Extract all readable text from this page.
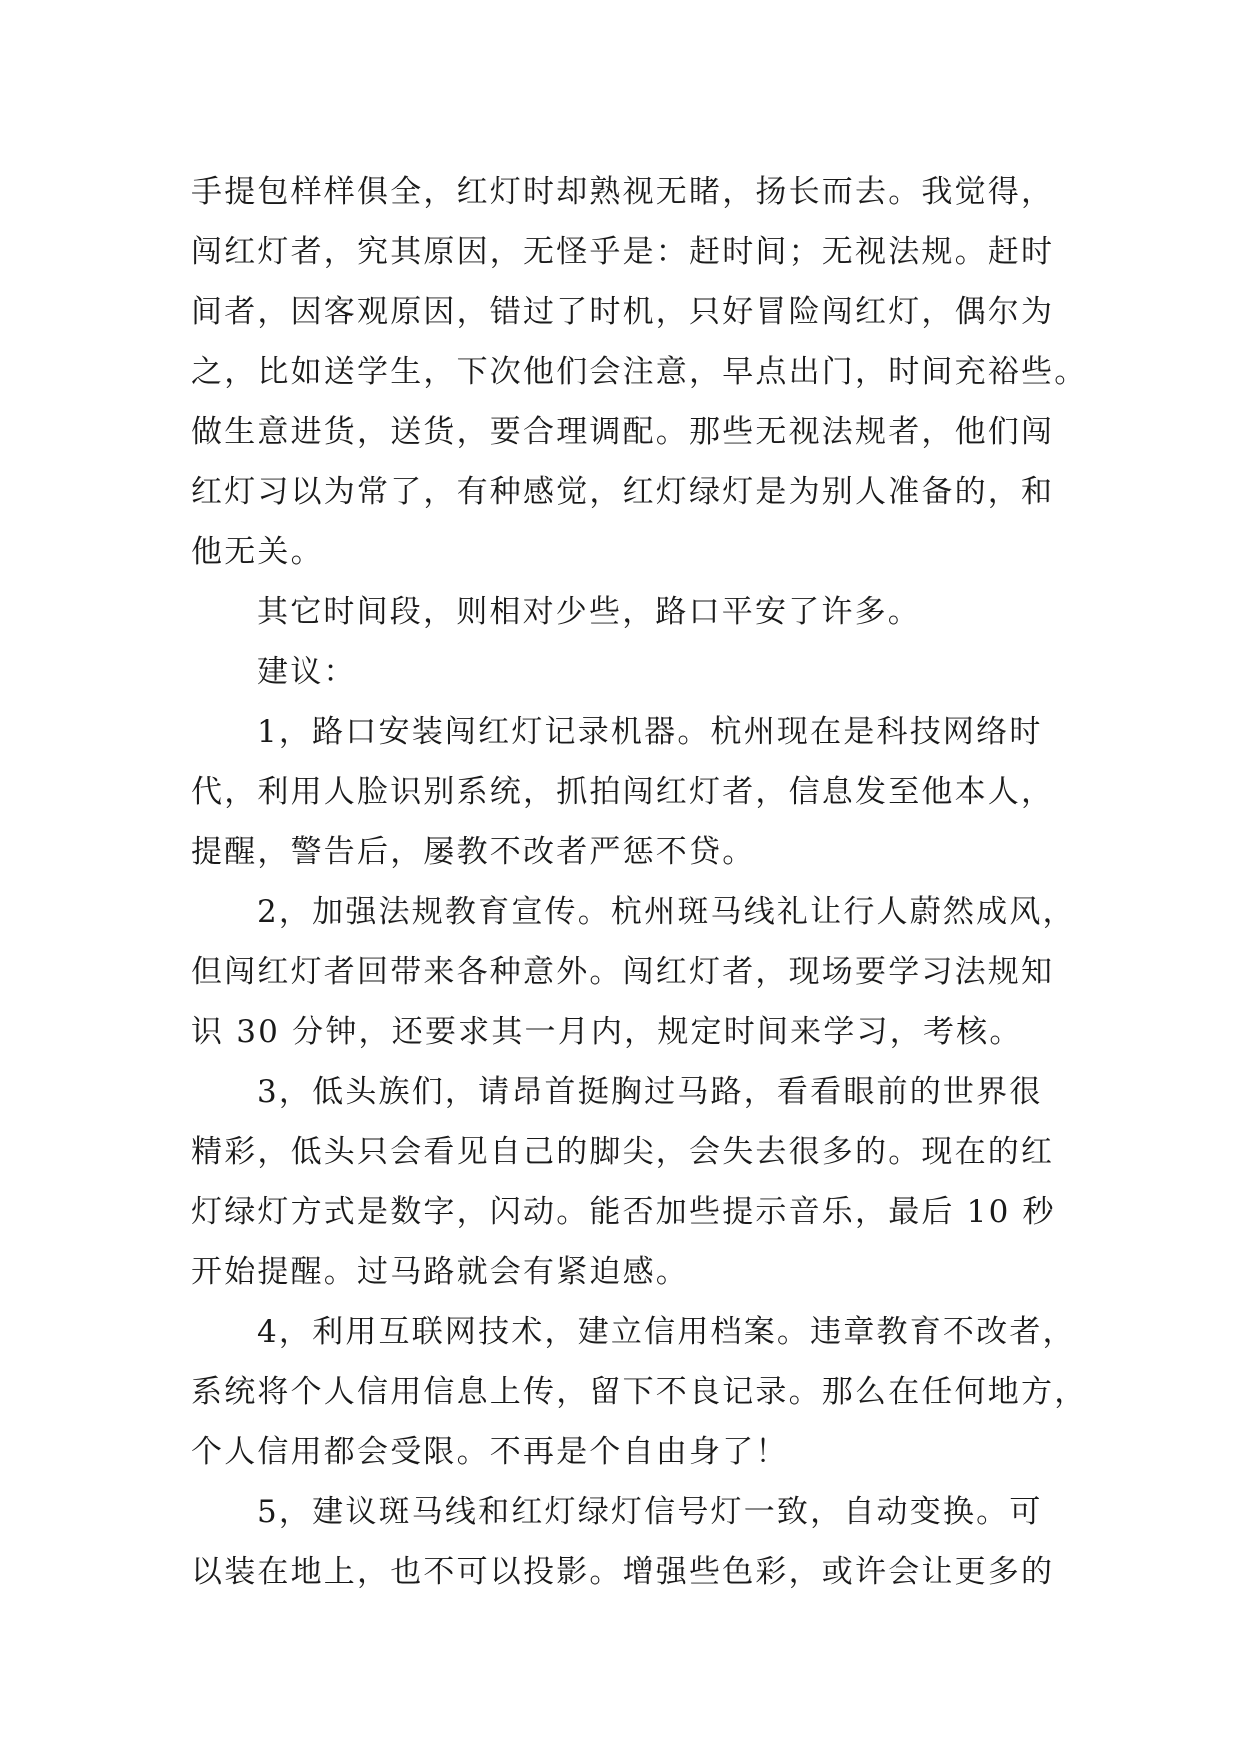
手提包样样俱全，红灯时却熟视无睹，扬长而去。我觉得，
闯红灯者，究其原因，无怪乎是：赶时间；无视法规。赶时
间者，因客观原因，错过了时机，只好冒险闯红灯，偶尔为
之，比如送学生，下次他们会注意，早点出门，时间充裕些。
做生意进货，送货，要合理调配。那些无视法规者，他们闯
红灯习以为常了，有种感觉，红灯绿灯是为别人准备的，和
他无关。

其它时间段，则相对少些，路口平安了许多。

建议：

1，路口安装闯红灯记录机器。杭州现在是科技网络时
代，利用人脸识别系统，抓拍闯红灯者，信息发至他本人，
提醒，警告后，屡教不改者严惩不贷。

2，加强法规教育宣传。杭州斑马线礼让行人蔚然成风，
但闯红灯者回带来各种意外。闯红灯者，现场要学习法规知
识 30 分钟，还要求其一月内，规定时间来学习，考核。

3，低头族们，请昂首挺胸过马路，看看眼前的世界很
精彩，低头只会看见自己的脚尖，会失去很多的。现在的红
灯绿灯方式是数字，闪动。能否加些提示音乐，最后 10 秒
开始提醒。过马路就会有紧迫感。

4，利用互联网技术，建立信用档案。违章教育不改者，
系统将个人信用信息上传，留下不良记录。那么在任何地方，
个人信用都会受限。不再是个自由身了！

5，建议斑马线和红灯绿灯信号灯一致，自动变换。可
以装在地上，也不可以投影。增强些色彩，或许会让更多的
